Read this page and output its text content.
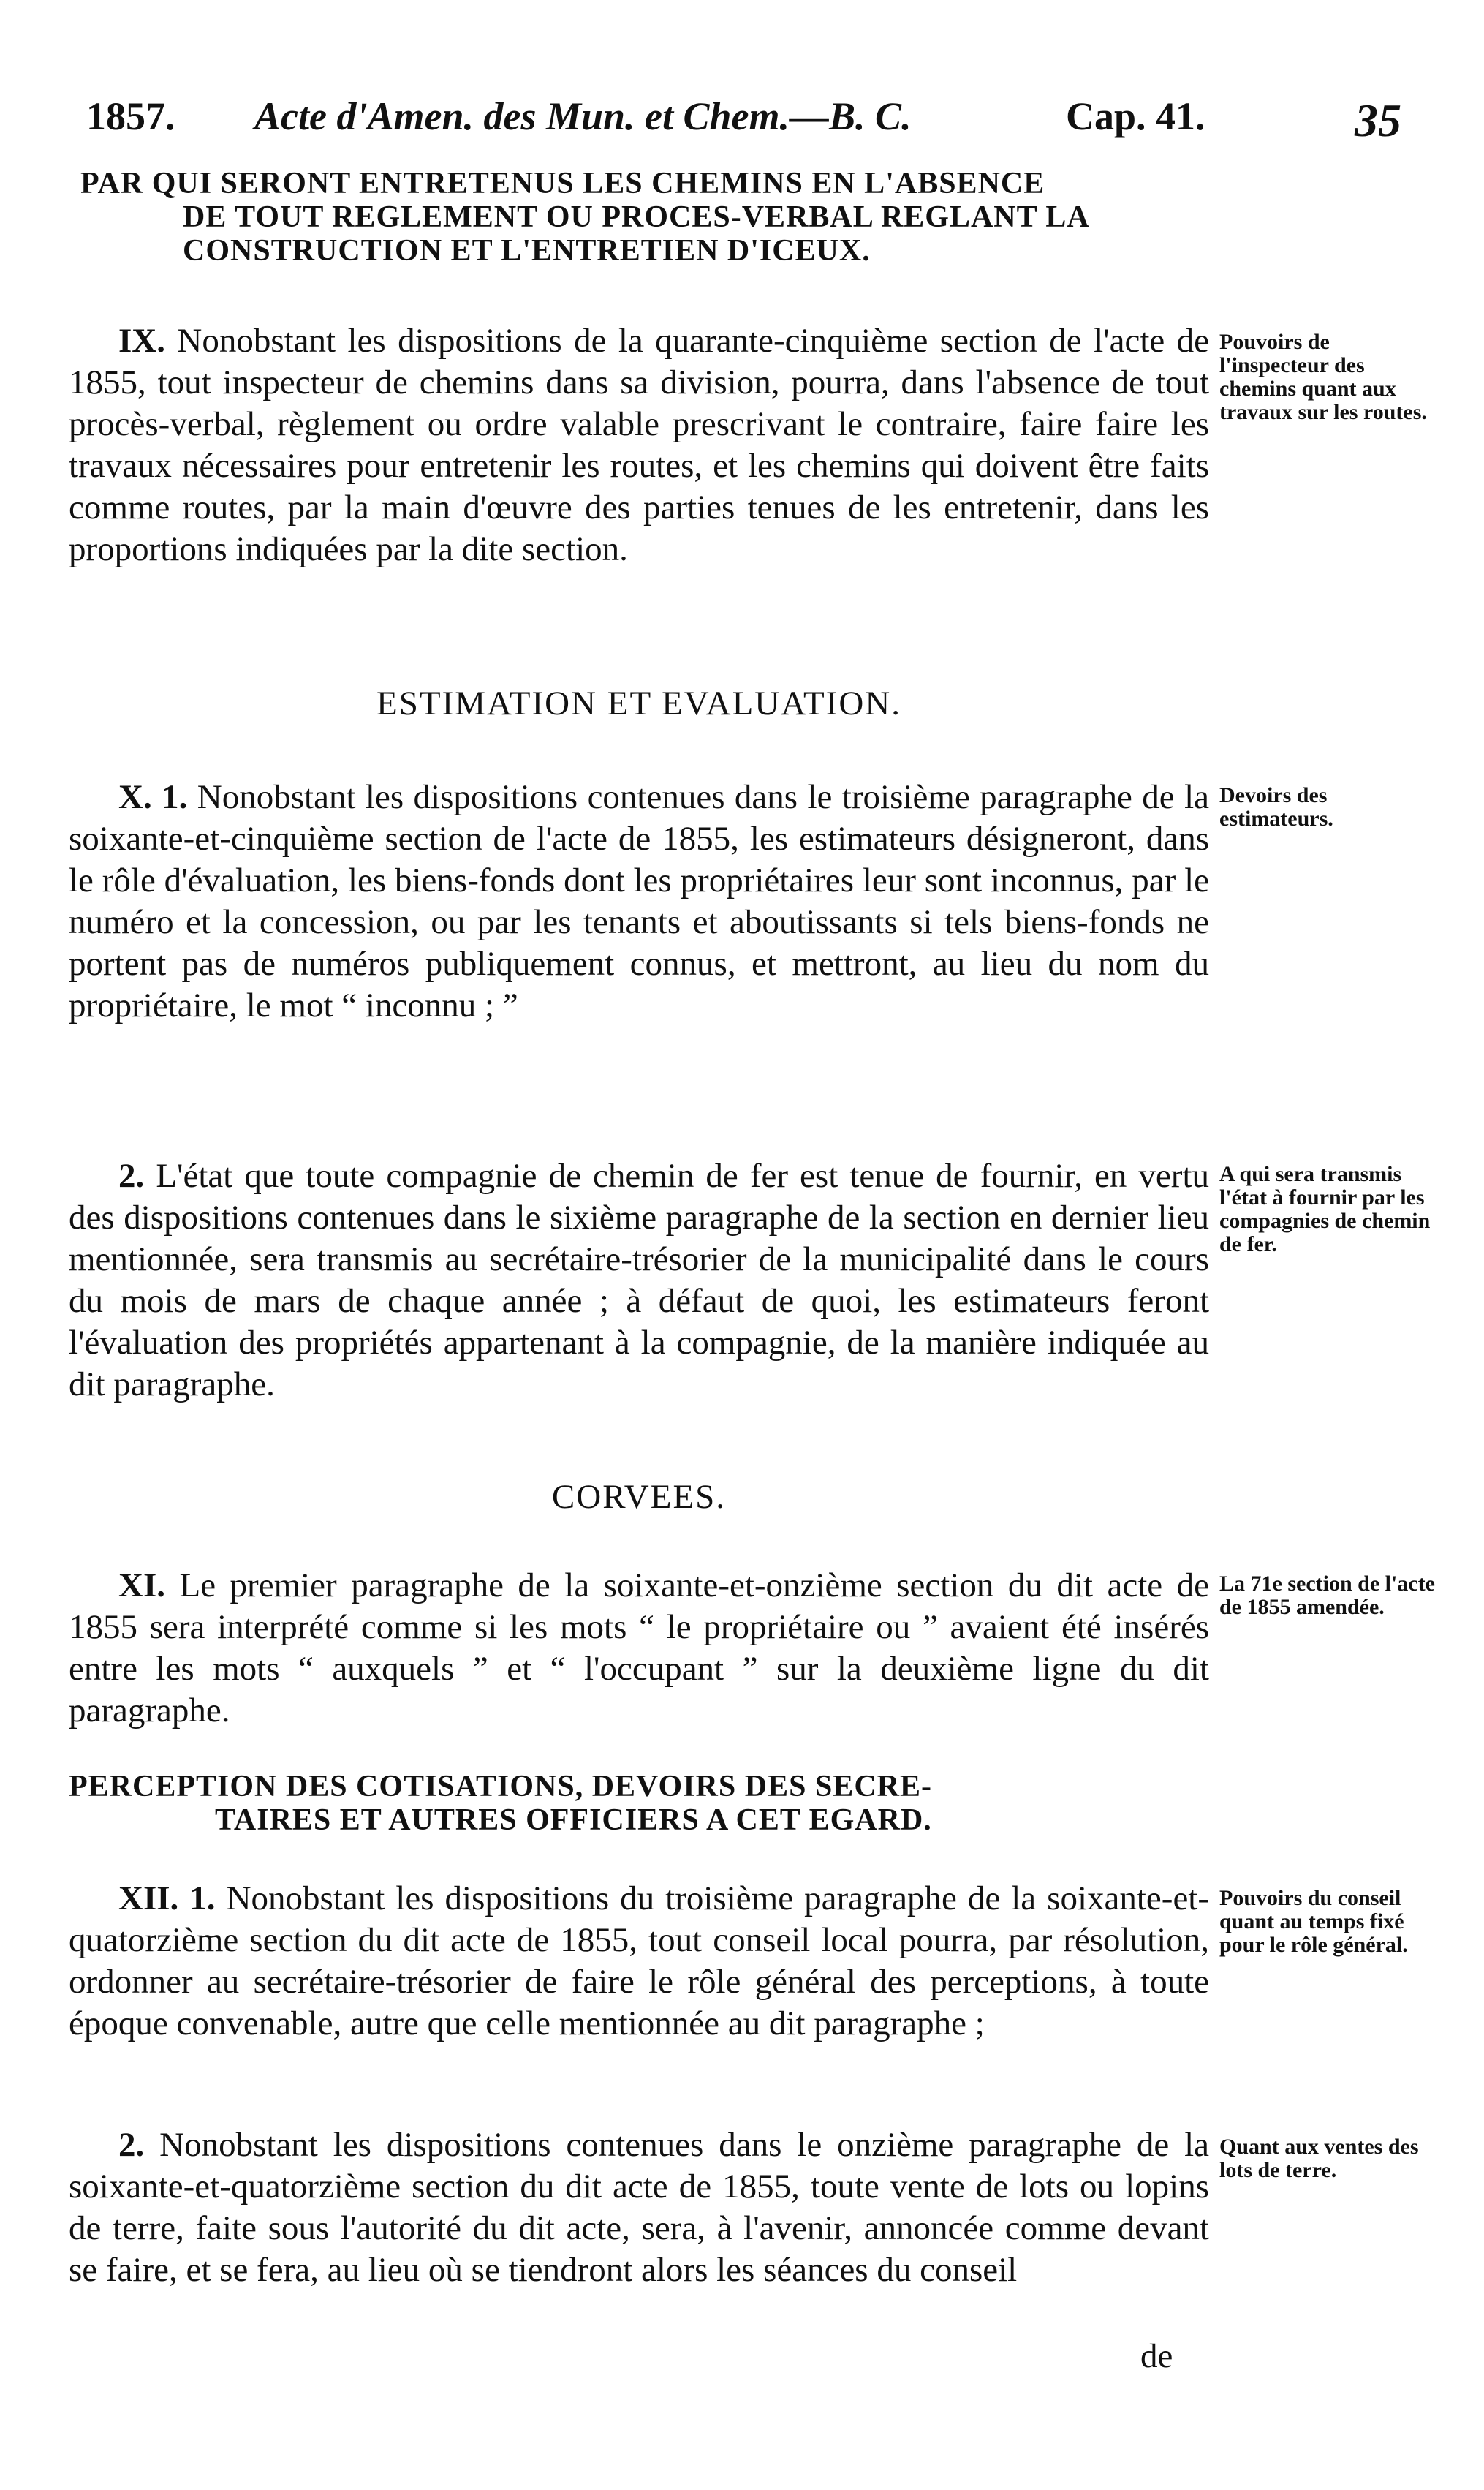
1857. Acte d'Amen. des Mun. et Chem.—B. C.	Cap. 41.	35
PAR QUI SERONT ENTRETENUS LES CHEMINS EN L'ABSENCE
DE TOUT REGLEMENT OU PROCES-VERBAL REGLANT LA
CONSTRUCTION ET L'ENTRETIEN D'ICEUX.

IX. Nonobstant les dispositions de la quarante-cinquième section de l'acte de 1855, tout inspecteur de chemins dans sa division, pourra, dans l'absence de tout procès-verbal, règlement ou ordre valable prescrivant le contraire, faire faire les travaux nécessaires pour entretenir les routes, et les chemins qui doivent être faits comme routes, par la main d'œuvre des parties tenues de les entretenir, dans les proportions indiquées par la dite section.

Pouvoirs de l'inspecteur des chemins quant aux travaux sur les routes.
ESTIMATION ET EVALUATION.

X. 1. Nonobstant les dispositions contenues dans le troisième paragraphe de la soixante-et-cinquième section de l'acte de 1855, les estimateurs désigneront, dans le rôle d'évaluation, les biens-fonds dont les propriétaires leur sont inconnus, par le numéro et la concession, ou par les tenants et aboutissants si tels biens-fonds ne portent pas de numéros publiquement connus, et mettront, au lieu du nom du propriétaire, le mot “ inconnu ; ”

Devoirs des estimateurs.

2. L'état que toute compagnie de chemin de fer est tenue de fournir, en vertu des dispositions contenues dans le sixième paragraphe de la section en dernier lieu mentionnée, sera transmis au secrétaire-trésorier de la municipalité dans le cours du mois de mars de chaque année ; à défaut de quoi, les estimateurs feront l'évaluation des propriétés appartenant à la compagnie, de la manière indiquée au dit paragraphe.

A qui sera transmis l'état à fournir par les compagnies de chemin de fer.
CORVEES.

XI. Le premier paragraphe de la soixante-et-onzième section du dit acte de 1855 sera interprété comme si les mots “ le propriétaire ou ” avaient été insérés entre les mots “ auxquels ” et “ l'occupant ” sur la deuxième ligne du dit paragraphe.

La 71e section de l'acte de 1855 amendée.
PERCEPTION DES COTISATIONS, DEVOIRS DES SECRE-
TAIRES ET AUTRES OFFICIERS A CET EGARD.

XII. 1. Nonobstant les dispositions du troisième paragraphe de la soixante-et-quatorzième section du dit acte de 1855, tout conseil local pourra, par résolution, ordonner au secrétaire-trésorier de faire le rôle général des perceptions, à toute époque convenable, autre que celle mentionnée au dit paragraphe ;

Pouvoirs du conseil quant au temps fixé pour le rôle général.

2. Nonobstant les dispositions contenues dans le onzième paragraphe de la soixante-et-quatorzième section du dit acte de 1855, toute vente de lots ou lopins de terre, faite sous l'autorité du dit acte, sera, à l'avenir, annoncée comme devant se faire, et se fera, au lieu où se tiendront alors les séances du conseil

Quant aux ventes des lots de terre.
de
